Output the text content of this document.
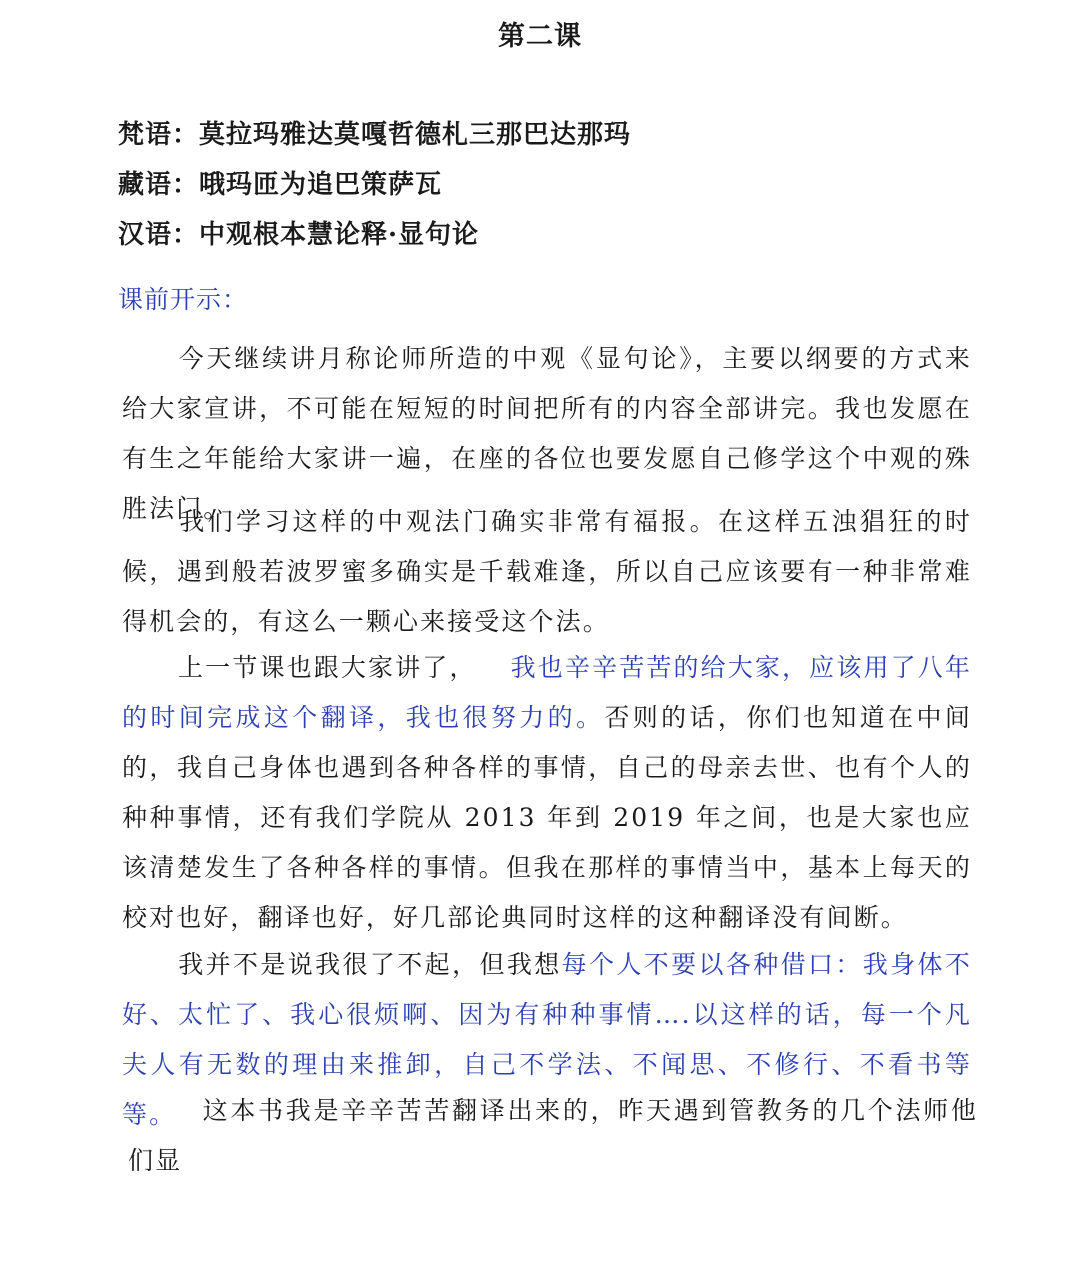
第二课
梵语：莫拉玛雅达莫嘎哲德札三那巴达那玛
藏语：哦玛匝为追巴策萨瓦
汉语：中观根本慧论释·显句论
课前开示：
今天继续讲月称论师所造的中观《显句论》，主要以纲要的方式来给大家宣讲，不可能在短短的时间把所有的内容全部讲完。我也发愿在有生之年能给大家讲一遍，在座的各位也要发愿自己修学这个中观的殊胜法门。
我们学习这样的中观法门确实非常有福报。在这样五浊猖狂的时候，遇到般若波罗蜜多确实是千载难逢，所以自己应该要有一种非常难得机会的，有这么一颗心来接受这个法。
上一节课也跟大家讲了， 我也辛辛苦苦的给大家，应该用了八年的时间完成这个翻译，我也很努力的。否则的话，你们也知道在中间的，我自己身体也遇到各种各样的事情，自己的母亲去世、也有个人的种种事情，还有我们学院从 2013 年到 2019 年之间，也是大家也应该清楚发生了各种各样的事情。但我在那样的事情当中，基本上每天的校对也好，翻译也好，好几部论典同时这样的这种翻译没有间断。
我并不是说我很了不起，但我想每个人不要以各种借口：我身体不好、太忙了、我心很烦啊、因为有种种事情….以这样的话，每一个凡夫人有无数的理由来推卸，自己不学法、不闻思、不修行、不看书等等。	这本书我是辛辛苦苦翻译出来的，昨天遇到管教务的几个法师他们显
